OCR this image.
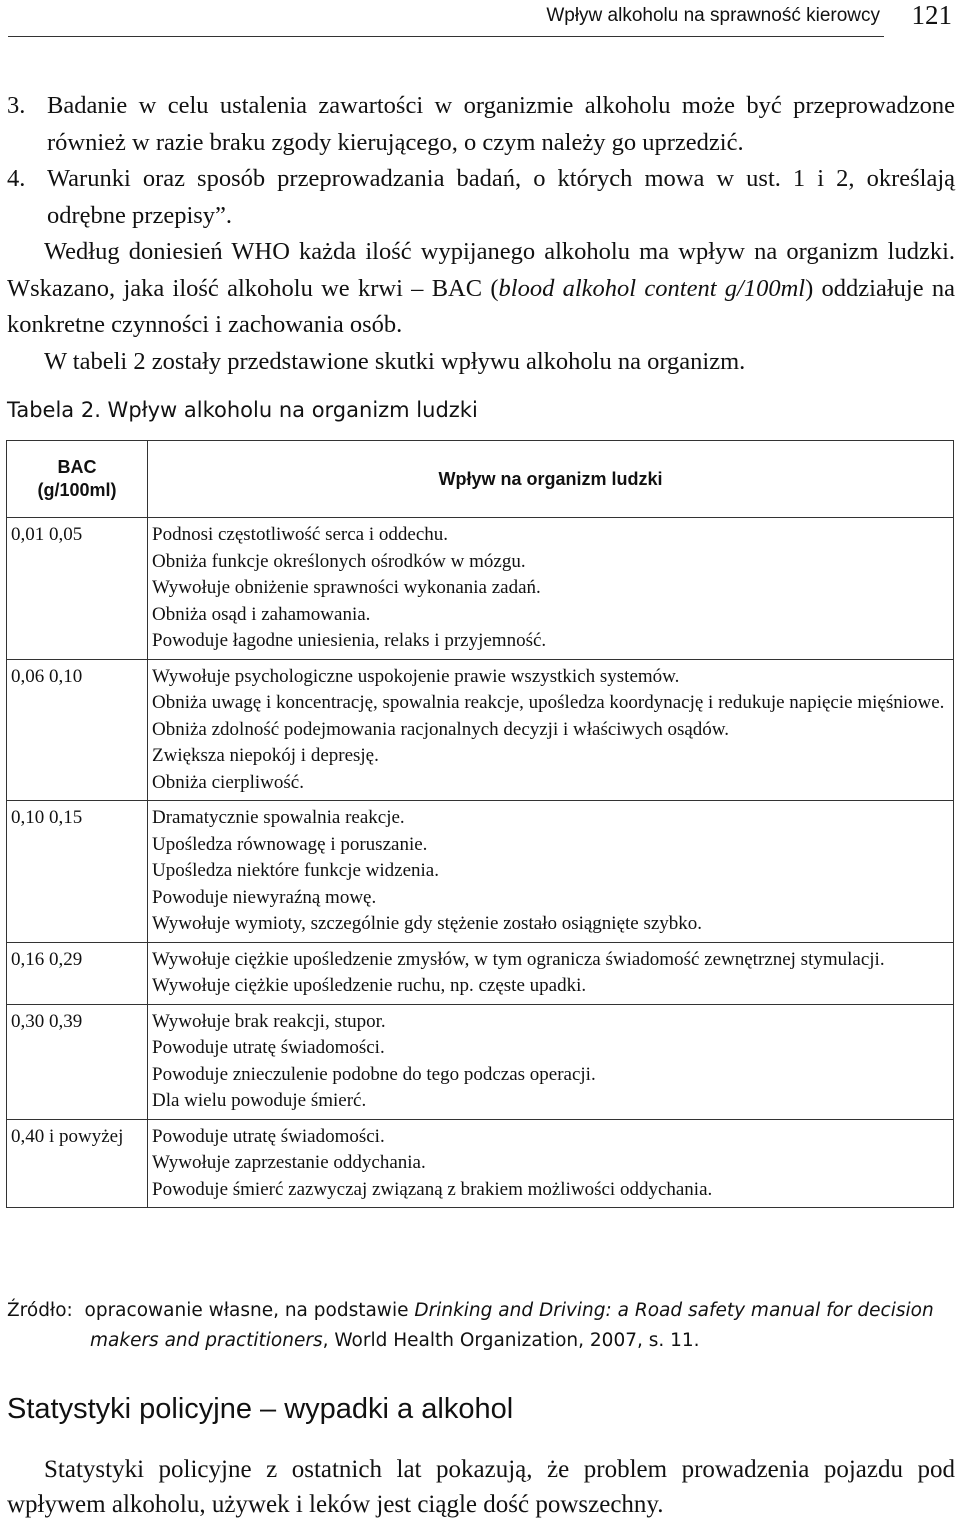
Wpływ alkoholu na sprawność kierowcy 121

3. Badanie w celu ustalenia zawartości w organizmie alkoholu może być przeprowadzone również w razie braku zgody kierującego, o czym należy go uprzedzić.

4. Warunki oraz sposób przeprowadzania badań, o których mowa w ust. 1 i 2, określają odrębne przepisy”.

Według doniesień WHO każda ilość wypijanego alkoholu ma wpływ na organizm ludzki. Wskazano, jaka ilość alkoholu we krwi – BAC (blood alkohol content g/100ml) oddziałuje na konkretne czynności i zachowania osób.

W tabeli 2 zostały przedstawione skutki wpływu alkoholu na organizm.

Tabela 2. Wpływ alkoholu na organizm ludzki
BAC (g/100ml)	Wpływ na organizm ludzki
0,01 0,05	Podnosi częstotliwość serca i oddechu.
Obniża funkcje określonych ośrodków w mózgu.
Wywołuje obniżenie sprawności wykonania zadań.
Obniża osąd i zahamowania.
Powoduje łagodne uniesienia, relaks i przyjemność.

0,06 0,10	Wywołuje psychologiczne uspokojenie prawie wszystkich systemów.
Obniża uwagę i koncentrację, spowalnia reakcje, upośledza koordynację i redukuje napięcie mięśniowe.
Obniża zdolność podejmowania racjonalnych decyzji i właściwych osądów.
Zwiększa niepokój i depresję.
Obniża cierpliwość.

0,10 0,15	Dramatycznie spowalnia reakcje.
Upośledza równowagę i poruszanie.
Upośledza niektóre funkcje widzenia.
Powoduje niewyraźną mowę.
Wywołuje wymioty, szczególnie gdy stężenie zostało osiągnięte szybko.

0,16 0,29	Wywołuje ciężkie upośledzenie zmysłów, w tym ogranicza świadomość zewnętrznej stymulacji.
Wywołuje ciężkie upośledzenie ruchu, np. częste upadki.

0,30 0,39	Wywołuje brak reakcji, stupor.
Powoduje utratę świadomości.
Powoduje znieczulenie podobne do tego podczas operacji.
Dla wielu powoduje śmierć.

0,40 i powyżej	Powoduje utratę świadomości.
Wywołuje zaprzestanie oddychania.
Powoduje śmierć zazwyczaj związaną z brakiem możliwości oddychania.
Źródło: opracowanie własne, na podstawie Drinking and Driving: a Road safety manual for decision
makers and practitioners, World Health Organization, 2007, s. 11.
Statystyki policyjne – wypadki a alkohol

Statystyki policyjne z ostatnich lat pokazują, że problem prowadzenia pojazdu pod wpływem alkoholu, używek i leków jest ciągle dość powszechny.
